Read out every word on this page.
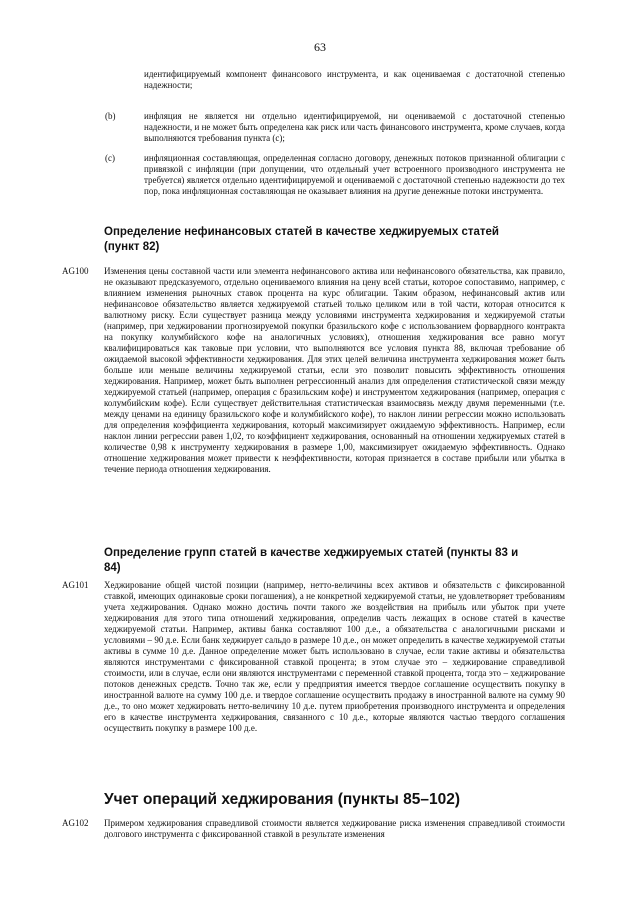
63
идентифицируемый компонент финансового инструмента, и как оцениваемая с достаточной степенью надежности;
(b)	инфляция не является ни отдельно идентифицируемой, ни оцениваемой с достаточной степенью надежности, и не может быть определена как риск или часть финансового инструмента, кроме случаев, когда выполняются требования пункта (с);
(с)	инфляционная составляющая, определенная согласно договору, денежных потоков признанной облигации с привязкой с инфляции (при допущении, что отдельный учет встроенного производного инструмента не требуется) является отдельно идентифицируемой и оцениваемой с достаточной степенью надежности до тех пор, пока инфляционная составляющая не оказывает влияния на другие денежные потоки инструмента.
Определение нефинансовых статей в качестве хеджируемых статей (пункт 82)
AG100 Изменения цены составной части или элемента нефинансового актива или нефинансового обязательства, как правило, не оказывают предсказуемого, отдельно оцениваемого влияния на цену всей статьи, которое сопоставимо, например, с влиянием изменения рыночных ставок процента на курс облигации. Таким образом, нефинансовый актив или нефинансовое обязательство является хеджируемой статьей только целиком или в той части, которая относится к валютному риску. Если существует разница между условиями инструмента хеджирования и хеджируемой статьи (например, при хеджировании прогнозируемой покупки бразильского кофе с использованием форвардного контракта на покупку колумбийского кофе на аналогичных условиях), отношения хеджирования все равно могут квалифицироваться как таковые при условии, что выполняются все условия пункта 88, включая требование об ожидаемой высокой эффективности хеджирования. Для этих целей величина инструмента хеджирования может быть больше или меньше величины хеджируемой статьи, если это позволит повысить эффективность отношения хеджирования. Например, может быть выполнен регрессионный анализ для определения статистической связи между хеджируемой статьей (например, операция с бразильским кофе) и инструментом хеджирования (например, операция с колумбийским кофе). Если существует действительная статистическая взаимосвязь между двумя переменными (т.е. между ценами на единицу бразильского кофе и колумбийского кофе), то наклон линии регрессии можно использовать для определения коэффициента хеджирования, который максимизирует ожидаемую эффективность. Например, если наклон линии регрессии равен 1,02, то коэффициент хеджирования, основанный на отношении хеджируемых статей в количестве 0,98 к инструменту хеджирования в размере 1,00, максимизирует ожидаемую эффективность. Однако отношение хеджирования может привести к неэффективности, которая признается в составе прибыли или убытка в течение периода отношения хеджирования.
Определение групп статей в качестве хеджируемых статей (пункты 83 и 84)
AG101 Хеджирование общей чистой позиции (например, нетто-величины всех активов и обязательств с фиксированной ставкой, имеющих одинаковые сроки погашения), а не конкретной хеджируемой статьи, не удовлетворяет требованиям учета хеджирования. Однако можно достичь почти такого же воздействия на прибыль или убыток при учете хеджирования для этого типа отношений хеджирования, определив часть лежащих в основе статей в качестве хеджируемой статьи. Например, активы банка составляют 100 д.е., а обязательства с аналогичными рисками и условиями – 90 д.е. Если банк хеджирует сальдо в размере 10 д.е., он может определить в качестве хеджируемой статьи активы в сумме 10 д.е. Данное определение может быть использовано в случае, если такие активы и обязательства являются инструментами с фиксированной ставкой процента; в этом случае это – хеджирование справедливой стоимости, или в случае, если они являются инструментами с переменной ставкой процента, тогда это – хеджирование потоков денежных средств. Точно так же, если у предприятия имеется твердое соглашение осуществить покупку в иностранной валюте на сумму 100 д.е. и твердое соглашение осуществить продажу в иностранной валюте на сумму 90 д.е., то оно может хеджировать нетто-величину 10 д.е. путем приобретения производного инструмента и определения его в качестве инструмента хеджирования, связанного с 10 д.е., которые являются частью твердого соглашения осуществить покупку в размере 100 д.е.
Учет операций хеджирования (пункты 85–102)
AG102 Примером хеджирования справедливой стоимости является хеджирование риска изменения справедливой стоимости долгового инструмента с фиксированной ставкой в результате изменения
